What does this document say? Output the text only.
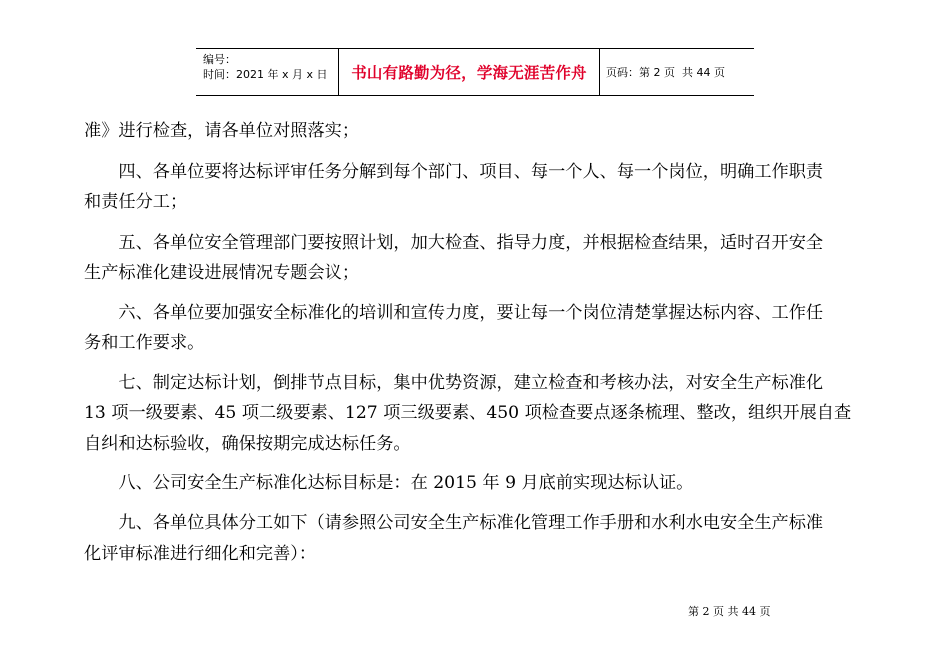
编号：
时间：2021 年 x 月 x 日	书山有路勤为径，学海无涯苦作舟	页码：第 2 页  共 44 页
准》进行检查，请各单位对照落实；
　　四、各单位要将达标评审任务分解到每个部门、项目、每一个人、每一个岗位，明确工作职责
和责任分工；
　　五、各单位安全管理部门要按照计划，加大检查、指导力度，并根据检查结果，适时召开安全
生产标准化建设进展情况专题会议；
　　六、各单位要加强安全标准化的培训和宣传力度，要让每一个岗位清楚掌握达标内容、工作任
务和工作要求。
　　七、制定达标计划，倒排节点目标，集中优势资源，建立检查和考核办法，对安全生产标准化
13 项一级要素、45 项二级要素、127 项三级要素、450 项检查要点逐条梳理、整改，组织开展自查
自纠和达标验收，确保按期完成达标任务。
　　八、公司安全生产标准化达标目标是：在 2015 年 9 月底前实现达标认证。
　　九、各单位具体分工如下（请参照公司安全生产标准化管理工作手册和水利水电安全生产标准
化评审标准进行细化和完善）：
第 2 页 共 44 页
